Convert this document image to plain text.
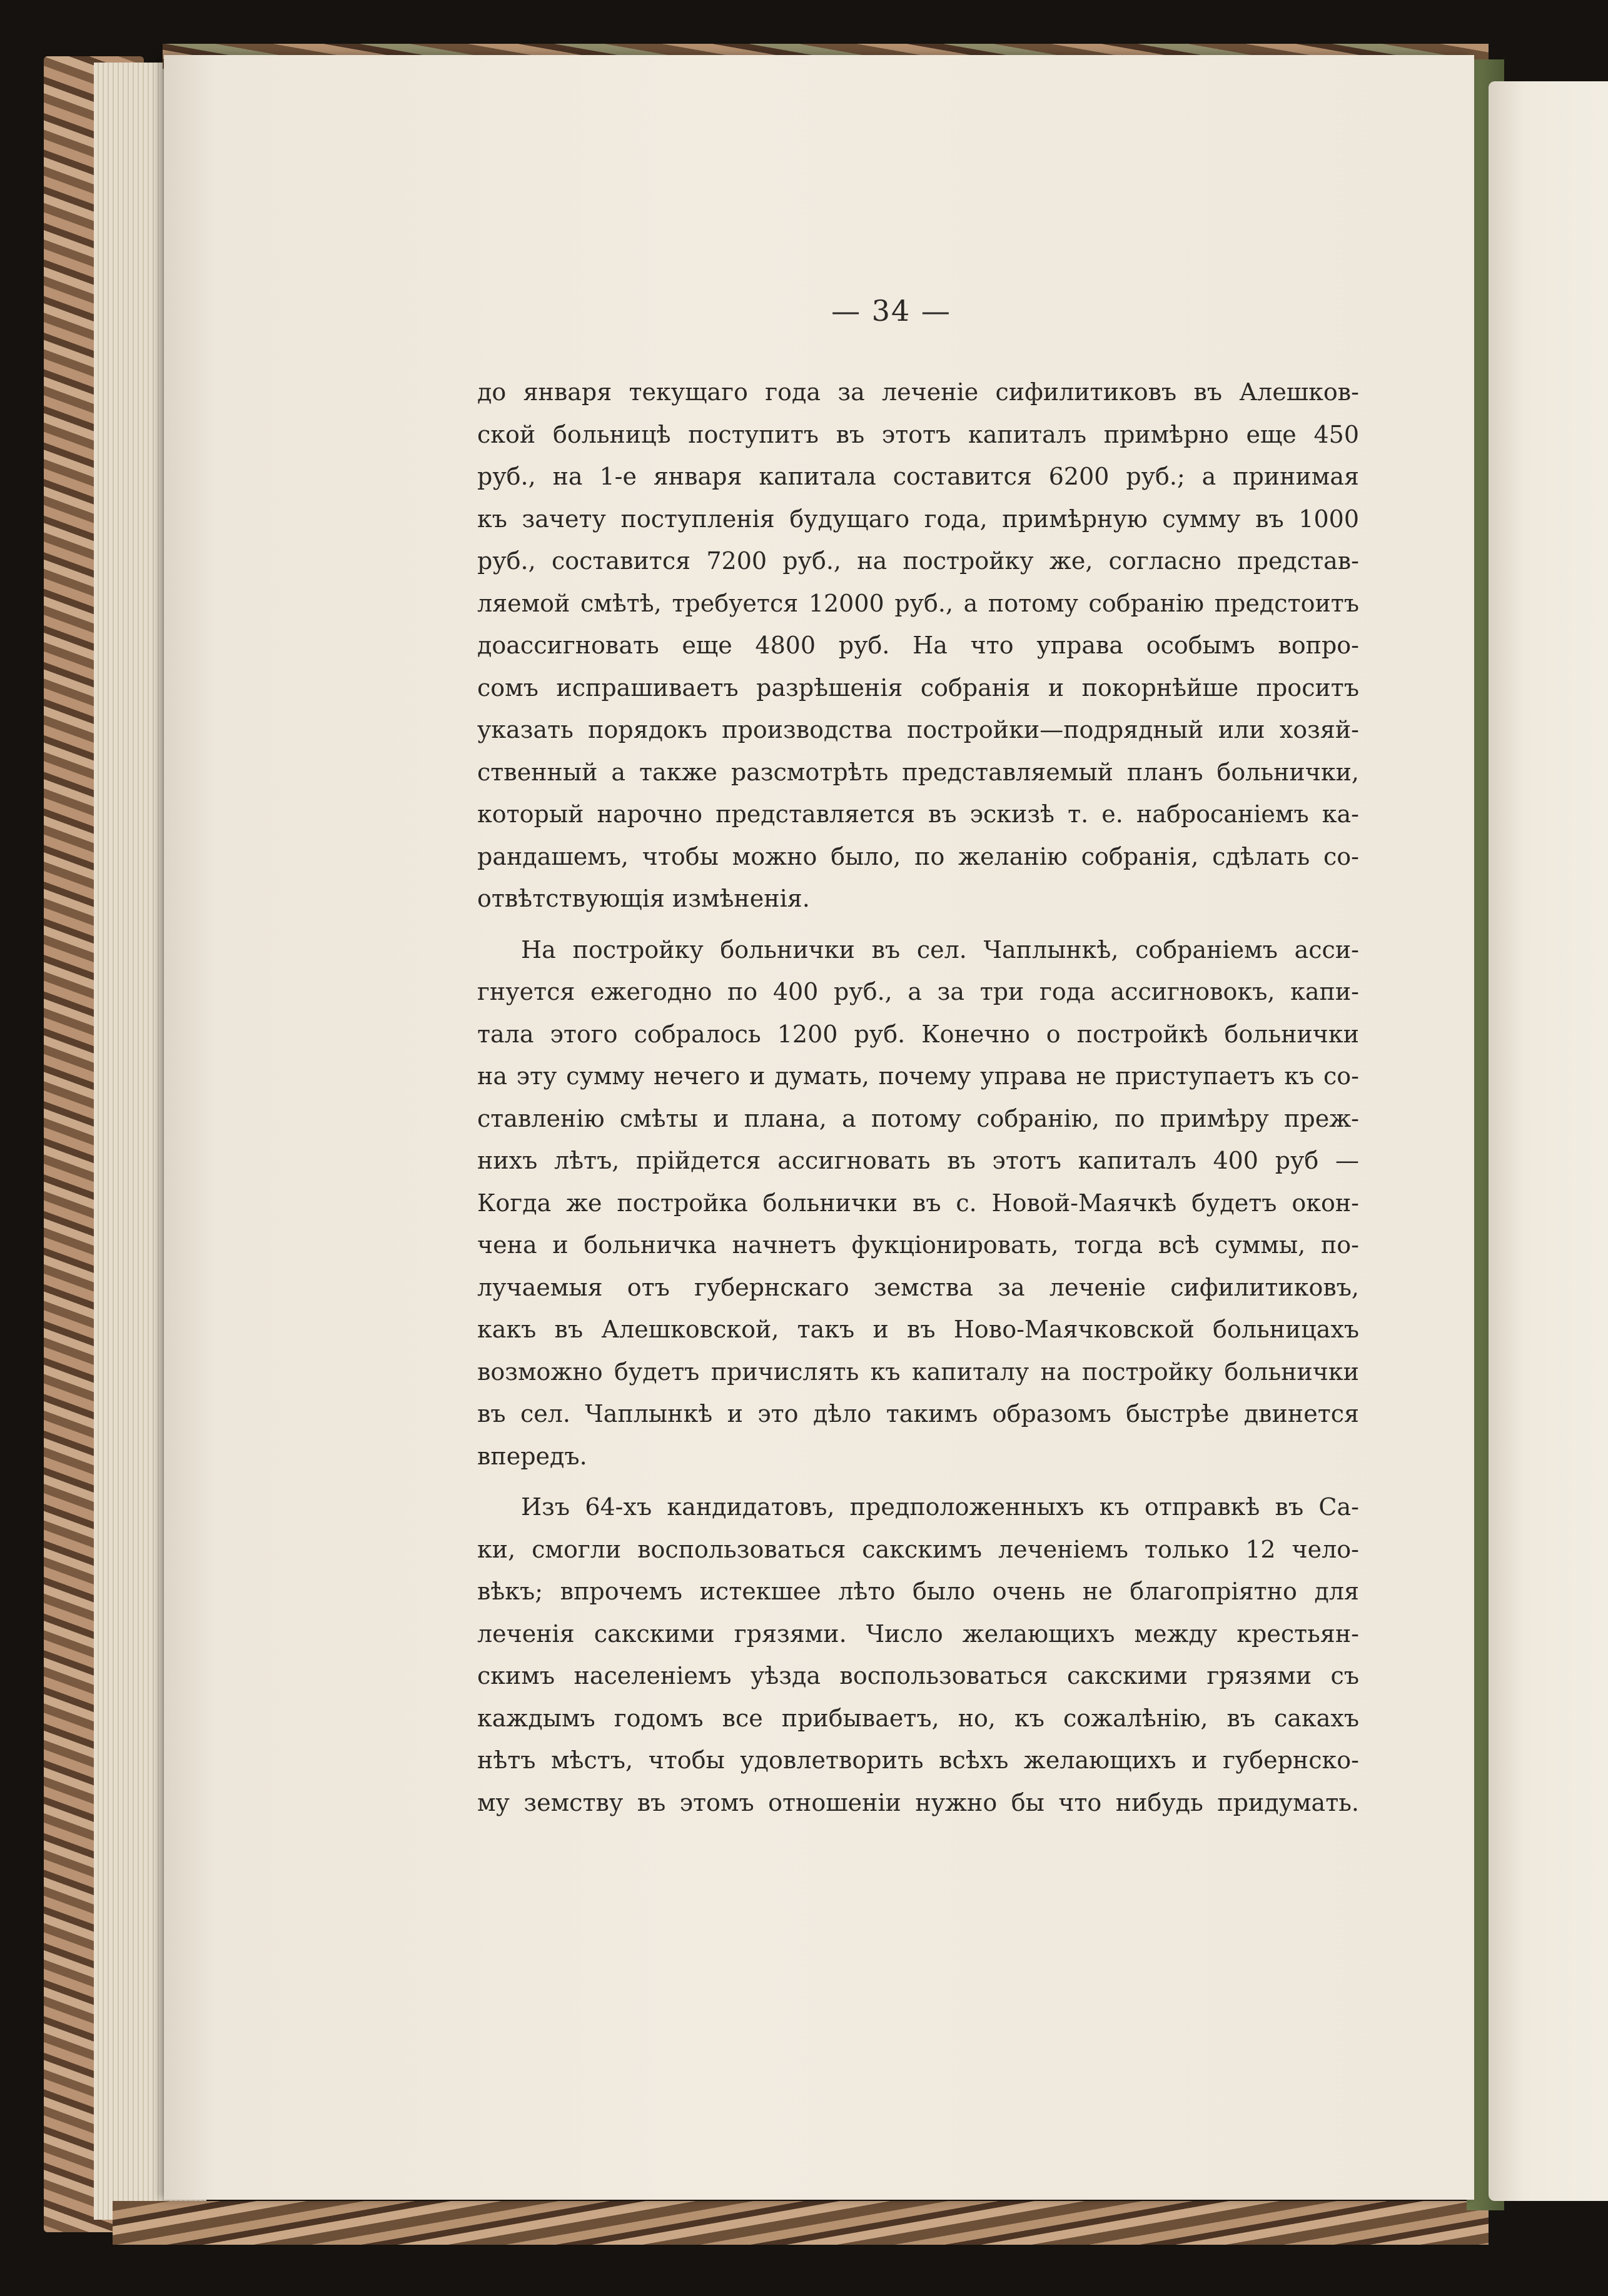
— 34 —
до января текущаго года за леченіе сифилитиковъ въ Алешков-
ской больницѣ поступитъ въ этотъ капиталъ примѣрно еще 450
руб., на 1-е января капитала составится 6200 руб.; а принимая
къ зачету поступленія будущаго года, примѣрную сумму въ 1000
руб., составится 7200 руб., на постройку же, согласно представ-
ляемой смѣтѣ, требуется 12000 руб., а потому собранію предстоитъ
доассигновать еще 4800 руб. На что управа особымъ вопро-
сомъ испрашиваетъ разрѣшенія собранія и покорнѣйше проситъ
указать порядокъ производства постройки—подрядный или хозяй-
ственный а также разсмотрѣть представляемый планъ больнички,
который нарочно представляется въ эскизѣ т. е. набросаніемъ ка-
рандашемъ, чтобы можно было, по желанію собранія, сдѣлать со-
отвѣтствующія измѣненія.
На постройку больнички въ сел. Чаплынкѣ, собраніемъ асси-
гнуется ежегодно по 400 руб., а за три года ассигновокъ, капи-
тала этого собралось 1200 руб. Конечно о постройкѣ больнички
на эту сумму нечего и думать, почему управа не приступаетъ къ со-
ставленію смѣты и плана, а потому собранію, по примѣру преж-
нихъ лѣтъ, прійдется ассигновать въ этотъ капиталъ 400 руб —
Когда же постройка больнички въ с. Новой-Маячкѣ будетъ окон-
чена и больничка начнетъ фукціонировать, тогда всѣ суммы, по-
лучаемыя отъ губернскаго земства за леченіе сифилитиковъ,
какъ въ Алешковской, такъ и въ Ново-Маячковской больницахъ
возможно будетъ причислять къ капиталу на постройку больнички
въ сел. Чаплынкѣ и это дѣло такимъ образомъ быстрѣе двинется
впередъ.
Изъ 64-хъ кандидатовъ, предположенныхъ къ отправкѣ въ Са-
ки, смогли воспользоваться сакскимъ леченіемъ только 12 чело-
вѣкъ; впрочемъ истекшее лѣто было очень не благопріятно для
леченія сакскими грязями. Число желающихъ между крестьян-
скимъ населеніемъ уѣзда воспользоваться сакскими грязями съ
каждымъ годомъ все прибываетъ, но, къ сожалѣнію, въ сакахъ
нѣтъ мѣстъ, чтобы удовлетворить всѣхъ желающихъ и губернско-
му земству въ этомъ отношеніи нужно бы что нибудь придумать.
